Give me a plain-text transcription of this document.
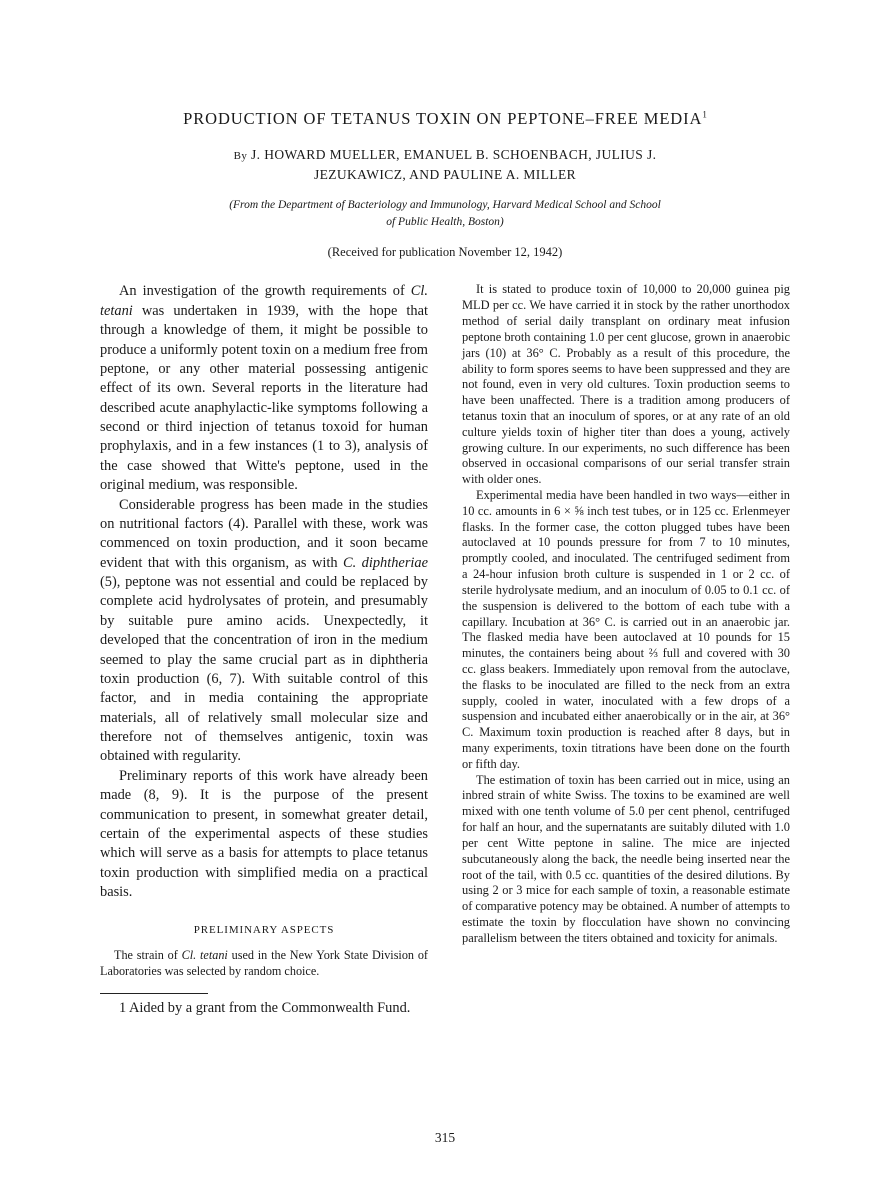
PRODUCTION OF TETANUS TOXIN ON PEPTONE–FREE MEDIA$^1$
By J. HOWARD MUELLER, EMANUEL B. SCHOENBACH, JULIUS J.
JEZUKAWICZ, AND PAULINE A. MILLER
(From the Department of Bacteriology and Immunology, Harvard Medical School and School
of Public Health, Boston)
(Received for publication November 12, 1942)

An investigation of the growth requirements of Cl. tetani was undertaken in 1939, with the hope that through a knowledge of them, it might be possible to produce a uniformly potent toxin on a medium free from peptone, or any other material possessing antigenic effect of its own. Several reports in the literature had described acute anaphylactic-like symptoms following a second or third injection of tetanus toxoid for human prophylaxis, and in a few instances (1 to 3), analysis of the case showed that Witte's peptone, used in the original medium, was responsible.

Considerable progress has been made in the studies on nutritional factors (4). Parallel with these, work was commenced on toxin production, and it soon became evident that with this organism, as with C. diphtheriae (5), peptone was not essential and could be replaced by complete acid hydrolysates of protein, and presumably by suitable pure amino acids. Unexpectedly, it developed that the concentration of iron in the medium seemed to play the same crucial part as in diphtheria toxin production (6, 7). With suitable control of this factor, and in media containing the appropriate materials, all of relatively small molecular size and therefore not of themselves antigenic, toxin was obtained with regularity.

Preliminary reports of this work have already been made (8, 9). It is the purpose of the present communication to present, in somewhat greater detail, certain of the experimental aspects of these studies which will serve as a basis for attempts to place tetanus toxin production with simplified media on a practical basis.

PRELIMINARY ASPECTS

The strain of Cl. tetani used in the New York State Division of Laboratories was selected by random choice.

1 Aided by a grant from the Commonwealth Fund.

It is stated to produce toxin of 10,000 to 20,000 guinea pig MLD per cc. We have carried it in stock by the rather unorthodox method of serial daily transplant on ordinary meat infusion peptone broth containing 1.0 per cent glucose, grown in anaerobic jars (10) at 36° C. Probably as a result of this procedure, the ability to form spores seems to have been suppressed and they are not found, even in very old cultures. Toxin production seems to have been unaffected. There is a tradition among producers of tetanus toxin that an inoculum of spores, or at any rate of an old culture yields toxin of higher titer than does a young, actively growing culture. In our experiments, no such difference has been observed in occasional comparisons of our serial transfer strain with older ones.

Experimental media have been handled in two ways—either in 10 cc. amounts in 6 × ⅝ inch test tubes, or in 125 cc. Erlenmeyer flasks. In the former case, the cotton plugged tubes have been autoclaved at 10 pounds pressure for from 7 to 10 minutes, promptly cooled, and inoculated. The centrifuged sediment from a 24-hour infusion broth culture is suspended in 1 or 2 cc. of sterile hydrolysate medium, and an inoculum of 0.05 to 0.1 cc. of the suspension is delivered to the bottom of each tube with a capillary. Incubation at 36° C. is carried out in an anaerobic jar. The flasked media have been autoclaved at 10 pounds for 15 minutes, the containers being about ⅔ full and covered with 30 cc. glass beakers. Immediately upon removal from the autoclave, the flasks to be inoculated are filled to the neck from an extra supply, cooled in water, inoculated with a few drops of a suspension and incubated either anaerobically or in the air, at 36° C. Maximum toxin production is reached after 8 days, but in many experiments, toxin titrations have been done on the fourth or fifth day.

The estimation of toxin has been carried out in mice, using an inbred strain of white Swiss. The toxins to be examined are well mixed with one tenth volume of 5.0 per cent phenol, centrifuged for half an hour, and the supernatants are suitably diluted with 1.0 per cent Witte peptone in saline. The mice are injected subcutaneously along the back, the needle being inserted near the root of the tail, with 0.5 cc. quantities of the desired dilutions. By using 2 or 3 mice for each sample of toxin, a reasonable estimate of comparative potency may be obtained. A number of attempts to estimate the toxin by flocculation have shown no convincing parallelism between the titers obtained and toxicity for animals.

315
